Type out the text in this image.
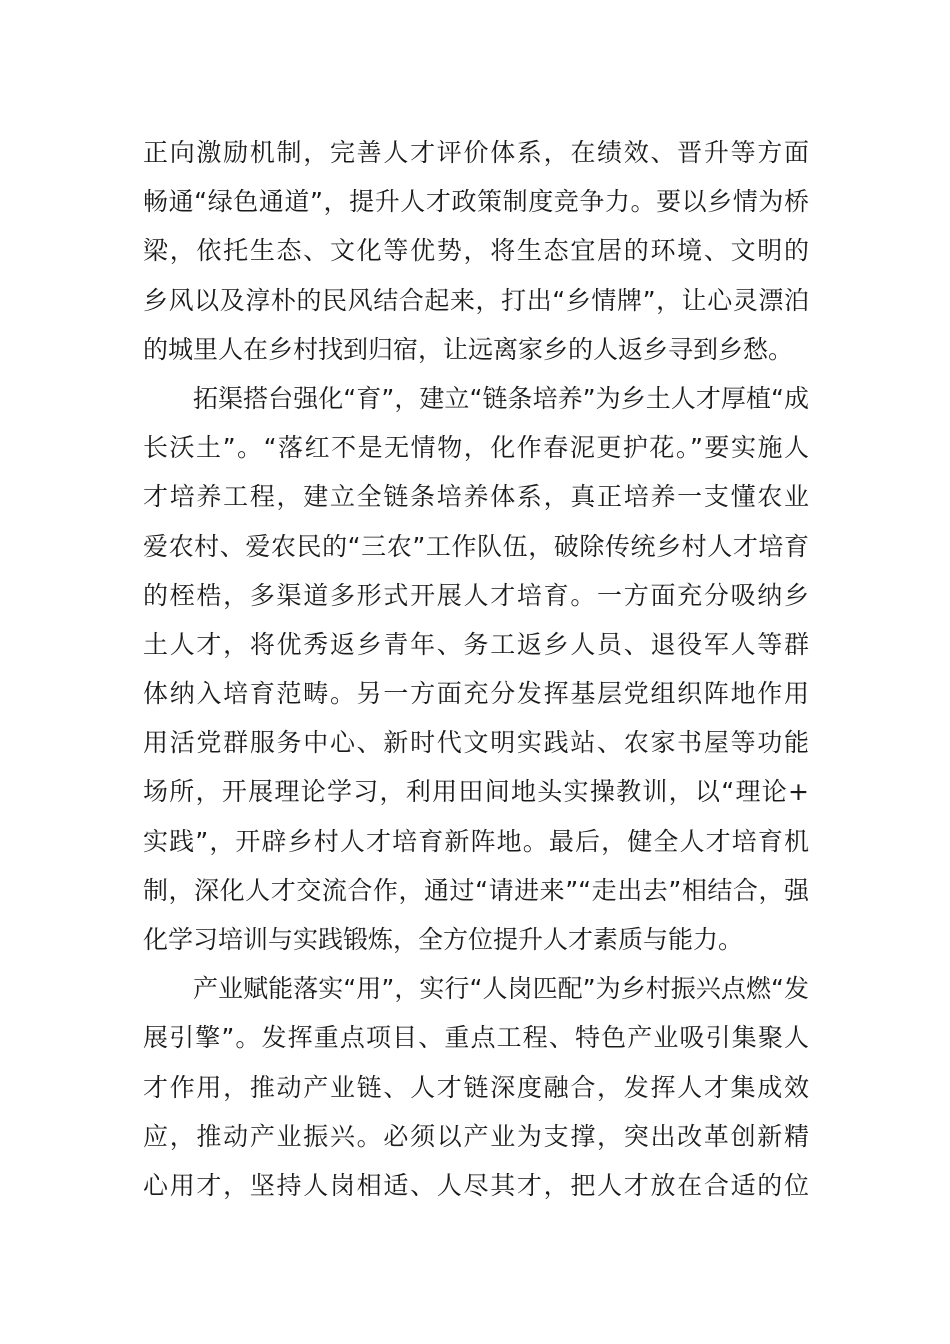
正向激励机制，完善人才评价体系，在绩效、晋升等方面
畅通“绿色通道”，提升人才政策制度竞争力。要以乡情为桥
梁，依托生态、文化等优势，将生态宜居的环境、文明的
乡风以及淳朴的民风结合起来，打出“乡情牌”，让心灵漂泊
的城里人在乡村找到归宿，让远离家乡的人返乡寻到乡愁。
拓渠搭台强化“育”，建立“链条培养”为乡土人才厚植“成
长沃土”。“落红不是无情物，化作春泥更护花。”要实施人
才培养工程，建立全链条培养体系，真正培养一支懂农业
爱农村、爱农民的“三农”工作队伍，破除传统乡村人才培育
的桎梏，多渠道多形式开展人才培育。一方面充分吸纳乡
土人才，将优秀返乡青年、务工返乡人员、退役军人等群
体纳入培育范畴。另一方面充分发挥基层党组织阵地作用
用活党群服务中心、新时代文明实践站、农家书屋等功能
场所，开展理论学习，利用田间地头实操教训，以“理论+
实践”，开辟乡村人才培育新阵地。最后，健全人才培育机
制，深化人才交流合作，通过“请进来”“走出去”相结合，强
化学习培训与实践锻炼，全方位提升人才素质与能力。
产业赋能落实“用”，实行“人岗匹配”为乡村振兴点燃“发
展引擎”。发挥重点项目、重点工程、特色产业吸引集聚人
才作用，推动产业链、人才链深度融合，发挥人才集成效
应，推动产业振兴。必须以产业为支撑，突出改革创新精
心用才，坚持人岗相适、人尽其才，把人才放在合适的位
